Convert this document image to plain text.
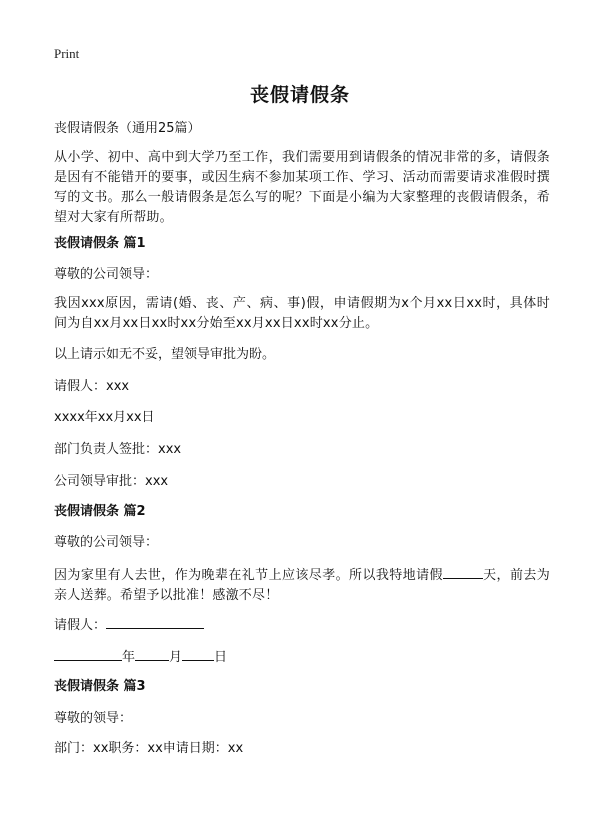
Print
丧假请假条
丧假请假条（通用25篇）
从小学、初中、高中到大学乃至工作，我们需要用到请假条的情况非常的多，请假条是因有不能错开的要事，或因生病不参加某项工作、学习、活动而需要请求准假时撰写的文书。那么一般请假条是怎么写的呢？下面是小编为大家整理的丧假请假条，希望对大家有所帮助。
丧假请假条 篇1
尊敬的公司领导：
我因xxx原因，需请(婚、丧、产、病、事)假，申请假期为x个月xx日xx时，具体时间为自xx月xx日xx时xx分始至xx月xx日xx时xx分止。
以上请示如无不妥，望领导审批为盼。
请假人：xxx
xxxx年xx月xx日
部门负责人签批：xxx
公司领导审批：xxx
丧假请假条 篇2
尊敬的公司领导：
因为家里有人去世，作为晚辈在礼节上应该尽孝。所以我特地请假	天，前去为亲人送葬。希望予以批准！感激不尽！
请假人：
年	月 日
丧假请假条 篇3
尊敬的领导：
部门：xx职务：xx申请日期：xx
